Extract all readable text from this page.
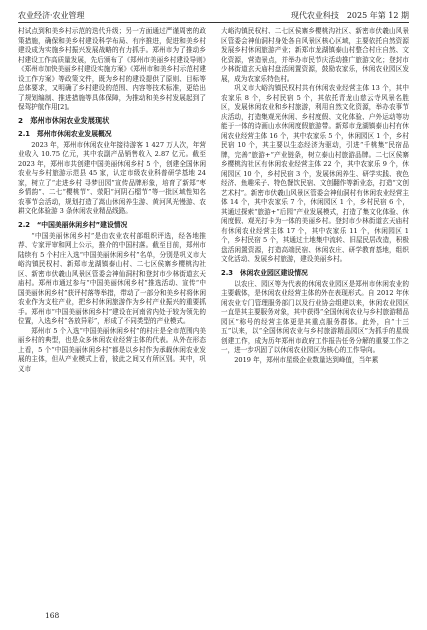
农业经济·农业管理	现代农业科技　2025 年第 12 期

村试点到和美乡村示范的迭代升级；另一方面通过严谨周密的政策措施，确保和美乡村建设科学布局、有序推进，促进和美乡村建设成为实施乡村振兴发展战略的有力抓手。郑州市为了推动乡村建设工作高质量发展，先后颁布了《郑州市美丽乡村建设导则》《郑州市加快美丽乡村建设实施方案》《郑州市和美乡村示范村建设工作方案》等政策文件，既为乡村的建设提供了原则、目标等总体要求，又明确了乡村建设的范围、内容等技术标准，更给出了规划编制、推进措施等具体保障，为推动和美乡村发展起到了保驾护航作用[2]。

2　郑州市休闲农业发展现状
2.1　郑州市休闲农业发展概况

2023 年，郑州市休闲农业年接待游客 1 427 万人次，年营业收入 10.75 亿元，其中农副产品销售收入 2.87 亿元。截至 2023 年，郑州市共创建中国美丽休闲乡村 5 个，创建全国休闲农业与乡村旅游示范县 45 家，认定市级农业科普研学基地 24 家，树立了“走进乡村 寻梦田园”宣传品牌形象，培育了新郑“枣乡情韵”、二七“樱桃节”、荥阳“河阴石榴节”等一批区域性知名农事节会活动，规划打造了嵩山休闲养生游、黄河风光慢游、农耕文化体验游 3 条休闲农业精品线路。

2.2　“中国美丽休闲乡村”建设情况

“中国美丽休闲乡村”是由农业农村部组织评选，经各地推荐、专家评审和网上公示，推介的中国村落。截至目前，郑州市陆续有 5 个村庄入选“中国美丽休闲乡村”名单，分别是巩义市大峪沟镇民权村、新郑市龙湖镇泰山村、二七区侯寨乡樱桃沟社区、新密市伏羲山风景区管委会神仙洞村和登封市少林街道玄天庙村。郑州市通过参与“中国美丽休闲乡村”推选活动、宣传“中国美丽休闲乡村”获评村落等举措，带动了一部分和美乡村将休闲农业作为支柱产业，把乡村休闲旅游作为乡村产业振兴的重要抓手。郑州市“中国美丽休闲乡村”建设在河南省内处于较为领先的位置，入选乡村“各放异彩”，形成了不同类型的产业模式。

郑州市 5 个入选“中国美丽休闲乡村”的村庄是全市范围内美丽乡村的典型，也是众多休闲农业经营主体的代表。从外在形态上看，5 个“中国美丽休闲乡村”都是以乡村作为承载休闲农业发展的主体，但从产业模式上看，彼此之间又有所区别。其中，巩义市

大峪沟镇民权村、二七区侯寨乡樱桃沟社区、新密市伏羲山风景区管委会神仙洞村身处各自风景区核心区域，主要依托自然资源发展乡村休闲旅游产业；新郑市龙湖镇泰山村整合村庄自然、文化资源，营造景点，并举办市民节庆活动推广旅游文化；登封市少林街道玄天庙村盘活闲置资源，鼓励农家乐，休闲农业园区发展，成为农家乐特色村。

巩义市大峪沟镇民权村共有休闲农业经营主体 13 个，其中农家乐 8 个，乡村民宿 5 个，其依托青龙山慈云寺风景名胜区，发展休闲农业和乡村旅游，利用自然文化资源，举办农事节庆活动，打造集观光休闲、乡村度假、文化体验、户外运动等功能于一体的诗画山水休闲度假旅游带。新郑市龙湖镇泰山村有休闲农业经营主体 16 个，其中农家乐 5 个，休闲园区 1 个，乡村民宿 10 个，其主要以生态经济为驱动，引进“千桃集”民宿品牌，完善“旅游+”产业链条，树立泰山村旅游品牌。二七区侯寨乡樱桃沟社区有休闲农业经营主体 22 个，其中农家乐 9 个，休闲园区 10 个，乡村民宿 3 个，发展休闲养生、研学实践、夜色经济、鱼趣采子、特色餐饮民宿、文创翻作等新业态，打造“文创艺术村”。新密市伏羲山风景区管委会神仙洞村有休闲农业经营主体 14 个，其中农家乐 7 个，休闲园区 1 个，乡村民宿 6 个，其通过探索“旅游+”后园“产业发展模式，打造了集文化体验、休闲度假、观光打卡为一体的美丽乡村。登封市少林街道玄天庙村有休闲农业经营主体 17 个，其中农家乐 11 个，休闲园区 1 个，乡村民宿 5 个，其通过土地集中流转、旧屋民居改造，积极盘活闲置资源，打造高端民宿、休闲农庄、研学教育基地，组织文化活动、发展乡村旅游，建设美丽乡村。

2.3　休闲农业园区建设情况

以农庄、园区等为代表的休闲农业园区是郑州市休闲农业的主要载体，是休闲农业经营主体的外在表现形式。自 2012 年休闲农业专门管理服务部门以及行业协会组建以来，休闲农业园区一直是其主要服务对象，其中获得“全国休闲农业与乡村旅游精品园区”称号的经营主体更是其重点服务群体。此外，自“十三五”以来，以“全国休闲农业与乡村旅游精品园区”为抓手的星级创建工作，成为历年郑州市政府工作报告任务分解的重要工作之一，进一步巩固了以休闲农业园区为核心的工作导向。

2019 年，郑州市星级企业数量达到峰值，当年累

168
